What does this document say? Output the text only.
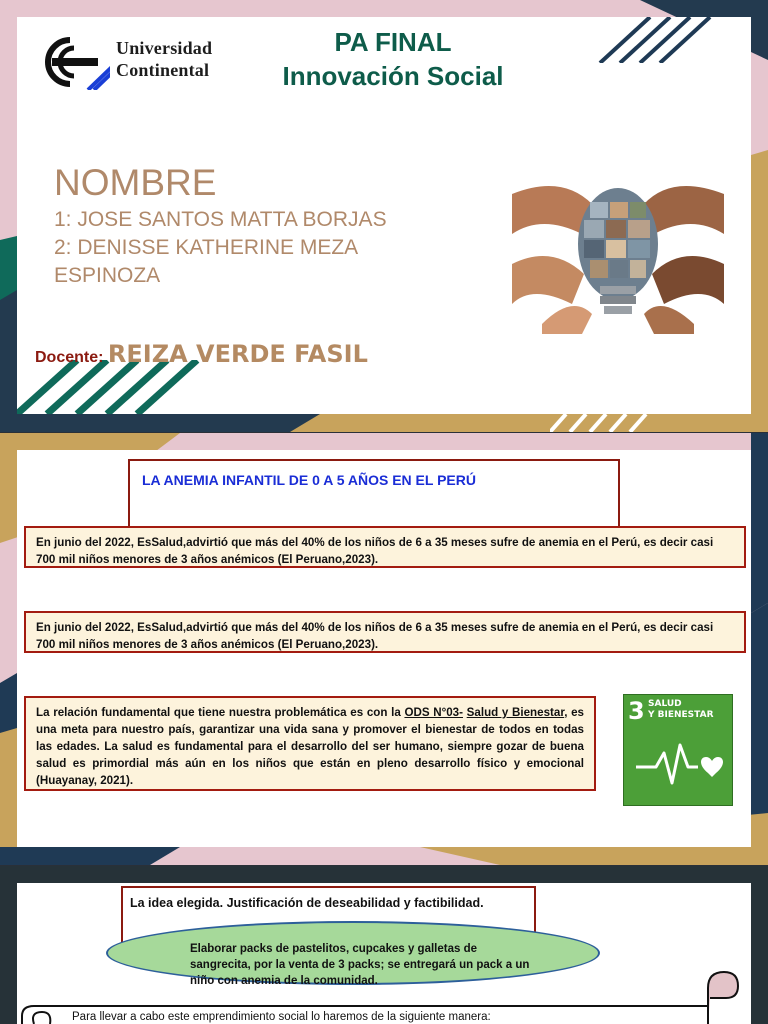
Universidad
Continental
PA FINAL
Innovación Social
NOMBRE
1: JOSE SANTOS MATTA BORJAS
2: DENISSE KATHERINE MEZA
ESPINOZA
Docente: REIZA VERDE FASIL
LA ANEMIA INFANTIL DE 0 A 5 AÑOS EN EL PERÚ
En junio del 2022, EsSalud,advirtió que más del 40% de los niños de 6 a 35 meses sufre de anemia en el Perú, es decir casi 700 mil niños menores de 3 años anémicos (El Peruano,2023).
En junio del 2022, EsSalud,advirtió que más del 40% de los niños de 6 a 35 meses sufre de anemia en el Perú, es decir casi 700 mil niños menores de 3 años anémicos (El Peruano,2023).
La relación fundamental que tiene nuestra problemática es con la ODS N°03- Salud y Bienestar, es una meta para nuestro país, garantizar una vida sana y promover el bienestar de todos en todas las edades. La salud es fundamental para el desarrollo del ser humano, siempre gozar de buena salud es primordial más aún en los niños que están en pleno desarrollo físico y emocional (Huayanay, 2021).
3 SALUD
Y BIENESTAR
La idea elegida. Justificación de deseabilidad y factibilidad.
Elaborar packs de pastelitos, cupcakes y galletas de sangrecita, por la venta de 3 packs; se entregará un pack a un niño con anemia de la comunidad.
Para llevar a cabo este emprendimiento social lo haremos de la siguiente manera:
